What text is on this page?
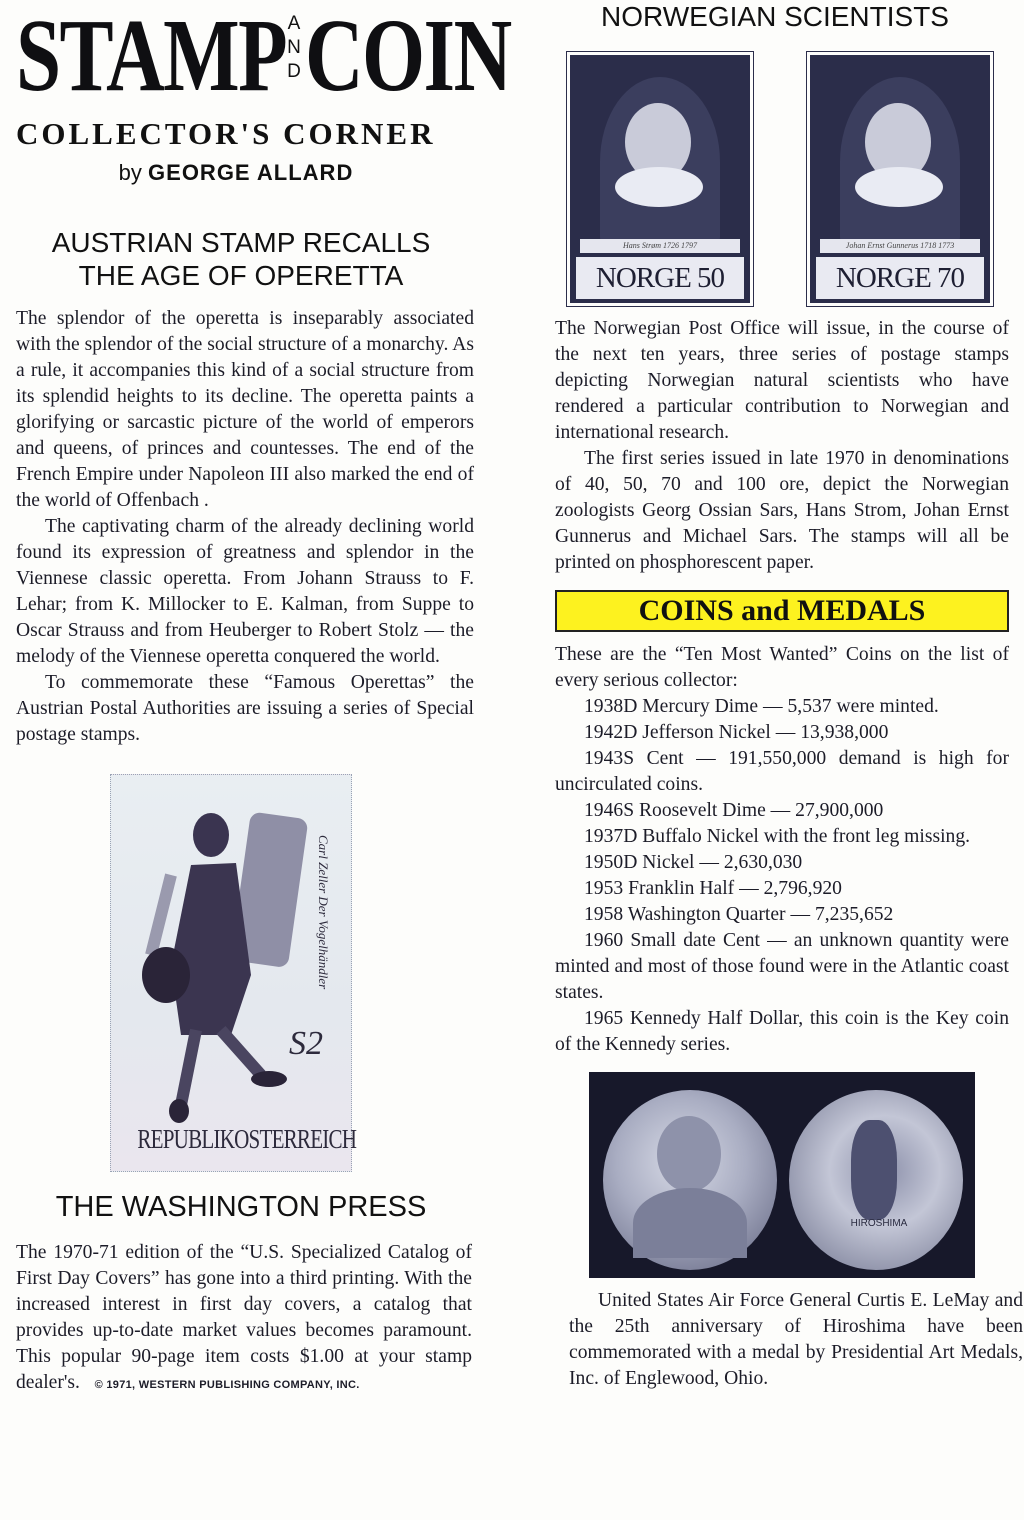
STAMP A
N
D COIN
COLLECTOR'S CORNER
by GEORGE ALLARD
AUSTRIAN STAMP RECALLS
THE AGE OF OPERETTA

The splendor of the operetta is inseparably associated with the splendor of the social structure of a monarchy. As a rule, it accompanies this kind of a social structure from its splendid heights to its decline. The operetta paints a glorifying or sarcastic picture of the world of emperors and queens, of princes and countesses. The end of the French Empire under Napoleon III also marked the end of the world of Offenbach .

The captivating charm of the already declining world found its expression of greatness and splendor in the Viennese classic operetta. From Johann Strauss to F. Lehar; from K. Millocker to E. Kalman, from Suppe to Oscar Strauss and from Heuberger to Robert Stolz — the melody of the Viennese operetta conquered the world.

To commemorate these “Famous Operettas” the Austrian Postal Authorities are issuing a series of Special postage stamps.

Carl Zeller Der Vogelhändler
S2
REPUBLIKOSTERREICH
THE WASHINGTON PRESS

The 1970-71 edition of the “U.S. Specialized Catalog of First Day Covers” has gone into a third printing. With the increased interest in first day covers, a catalog that provides up-to-date market values becomes paramount. This popular 90-page item costs $1.00 at your stamp dealer's. © 1971, WESTERN PUBLISHING COMPANY, INC.

NORWEGIAN SCIENTISTS
Hans Strøm 1726 1797
NORGE 50
Johan Ernst Gunnerus 1718 1773
NORGE 70

The Norwegian Post Office will issue, in the course of the next ten years, three series of postage stamps depicting Norwegian natural scientists who have rendered a particular contribution to Norwegian and international research.

The first series issued in late 1970 in denominations of 40, 50, 70 and 100 ore, depict the Norwegian zoologists Georg Ossian Sars, Hans Strom, Johan Ernst Gunnerus and Michael Sars. The stamps will all be printed on phosphorescent paper.

COINS and MEDALS

These are the “Ten Most Wanted” Coins on the list of every serious collector:

1938D Mercury Dime — 5,537 were minted.

1942D Jefferson Nickel — 13,938,000

1943S Cent — 191,550,000 demand is high for uncirculated coins.

1946S Roosevelt Dime — 27,900,000

1937D Buffalo Nickel with the front leg missing.

1950D Nickel — 2,630,030

1953 Franklin Half — 2,796,920

1958 Washington Quarter — 7,235,652

1960 Small date Cent — an unknown quantity were minted and most of those found were in the Atlantic coast states.

1965 Kennedy Half Dollar, this coin is the Key coin of the Kennedy series.

HIROSHIMA

United States Air Force General Curtis E. LeMay and the 25th anniversary of Hiroshima have been commemorated with a medal by Presidential Art Medals, Inc. of Englewood, Ohio.
